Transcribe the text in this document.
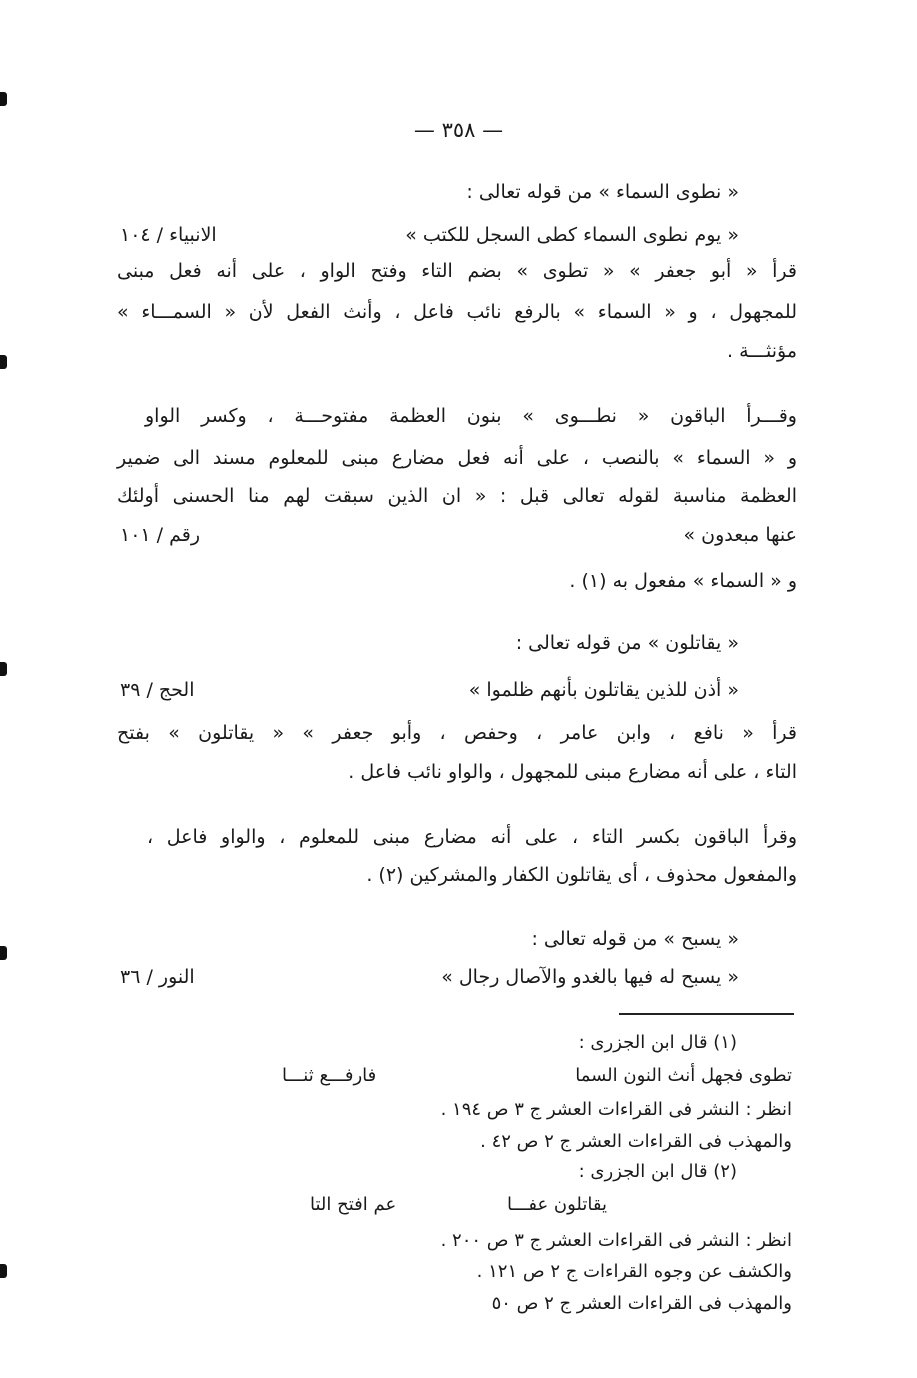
— ٣٥٨ —
« نطوى السماء » من قوله تعالى :
« يوم نطوى السماء كطى السجل للكتب »
الانبياء / ١٠٤
قرأ « أبو جعفر » « تطوى » بضم التاء وفتح الواو ، على أنه فعل مبنى
للمجهول ، و « السماء » بالرفع نائب فاعل ، وأنث الفعل لأن « السمـــاء »
مؤنثـــة .
وقـــرأ الباقون « نطـــوى » بنون العظمة مفتوحـــة ، وكسر الواو
و « السماء » بالنصب ، على أنه فعل مضارع مبنى للمعلوم مسند الى ضمير
العظمة مناسبة لقوله تعالى قبل : « ان الذين سبقت لهم منا الحسنى أولئك
عنها مبعدون »
رقم / ١٠١
و « السماء » مفعول به (١) .
« يقاتلون » من قوله تعالى :
« أذن للذين يقاتلون بأنهم ظلموا »
الحج / ٣٩
قرأ « نافع ، وابن عامر ، وحفص ، وأبو جعفر » « يقاتلون » بفتح
التاء ، على أنه مضارع مبنى للمجهول ، والواو نائب فاعل .
وقرأ الباقون بكسر التاء ، على أنه مضارع مبنى للمعلوم ، والواو فاعل ،
والمفعول محذوف ، أى يقاتلون الكفار والمشركين (٢) .
« يسبح » من قوله تعالى :
« يسبح له فيها بالغدو والآصال رجال »
النور / ٣٦
(١) قال ابن الجزرى :
تطوى فجهل أنث النون السما
فارفـــع ثنـــا
انظر : النشر فى القراءات العشر ج ٣ ص ١٩٤ .
والمهذب فى القراءات العشر ج ٢ ص ٤٢ .
(٢) قال ابن الجزرى :
يقاتلون عفـــا
عم افتح التا
انظر : النشر فى القراءات العشر ج ٣ ص ٢٠٠ .
والكشف عن وجوه القراءات ج ٢ ص ١٢١ .
والمهذب فى القراءات العشر ج ٢ ص ٥٠
